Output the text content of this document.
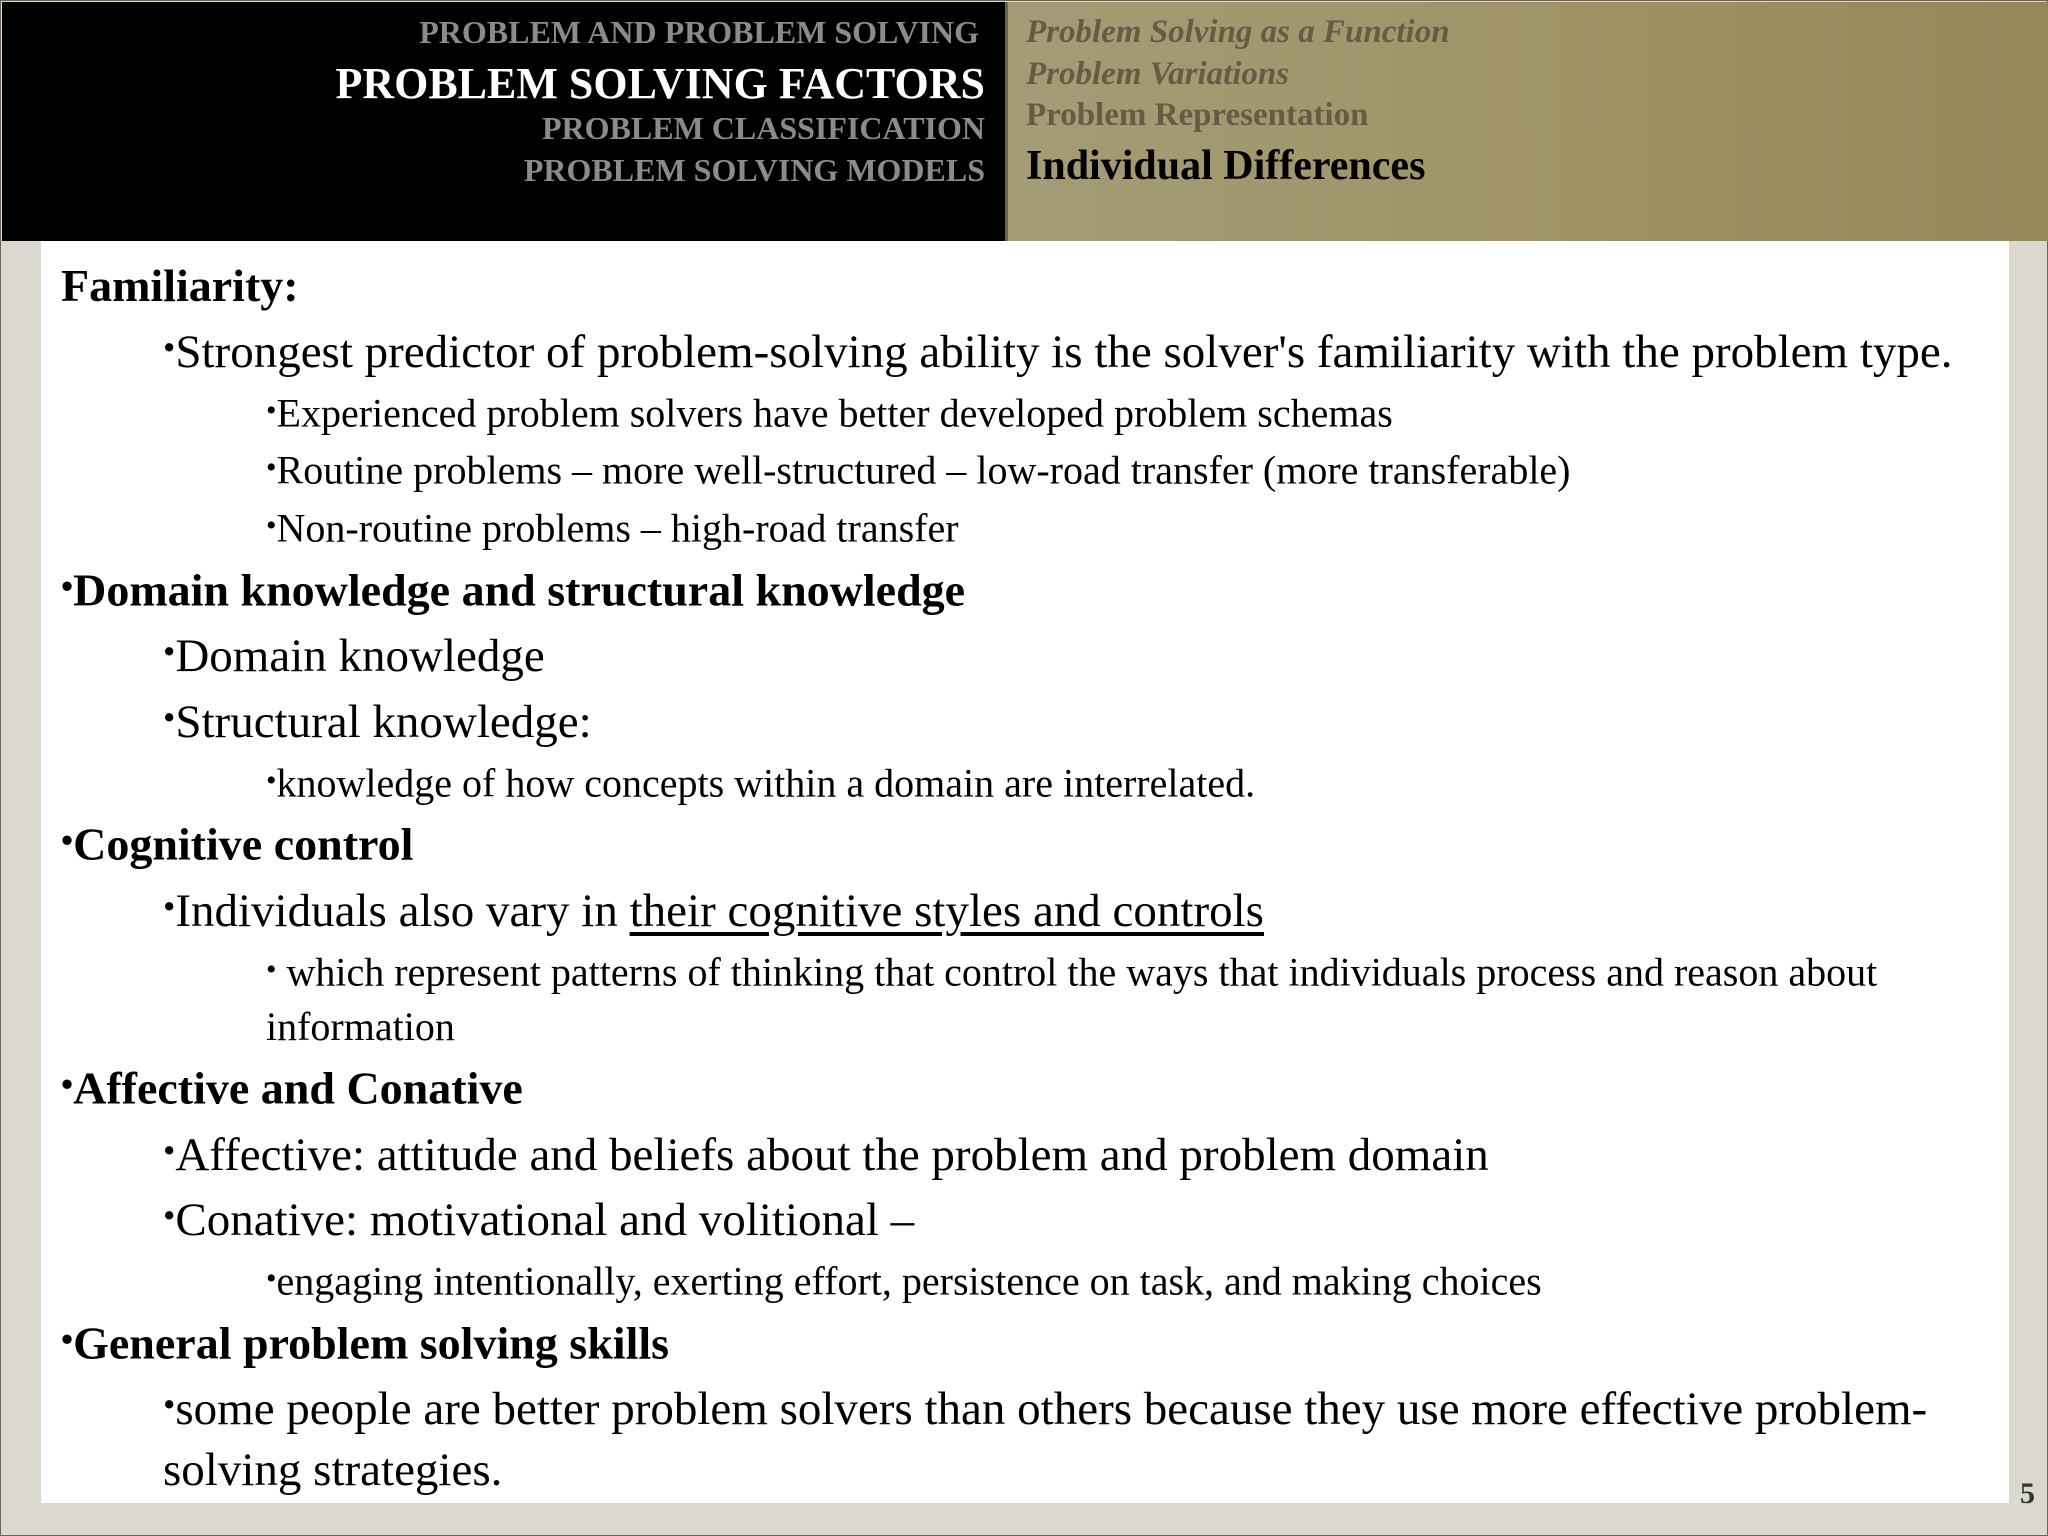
PROBLEM AND PROBLEM SOLVING
PROBLEM SOLVING FACTORS
PROBLEM CLASSIFICATION
PROBLEM SOLVING MODELS
Problem Solving as a Function
Problem Variations
Problem Representation
Individual Differences

Familiarity:

•Strongest predictor of problem-solving ability is the solver's familiarity with the problem type.

•Experienced problem solvers have better developed problem schemas

•Routine problems – more well-structured – low-road transfer (more transferable)

•Non-routine problems – high-road transfer

•Domain knowledge and structural knowledge

•Domain knowledge

•Structural knowledge:

•knowledge of how concepts within a domain are interrelated.

•Cognitive control

•Individuals also vary in their cognitive styles and controls

• which represent patterns of thinking that control the ways that individuals process and reason about information

•Affective and Conative

•Affective: attitude and beliefs about the problem and problem domain

•Conative: motivational and volitional –

•engaging intentionally, exerting effort, persistence on task, and making choices

•General problem solving skills

•some people are better problem solvers than others because they use more effective problem-solving strategies.	5
